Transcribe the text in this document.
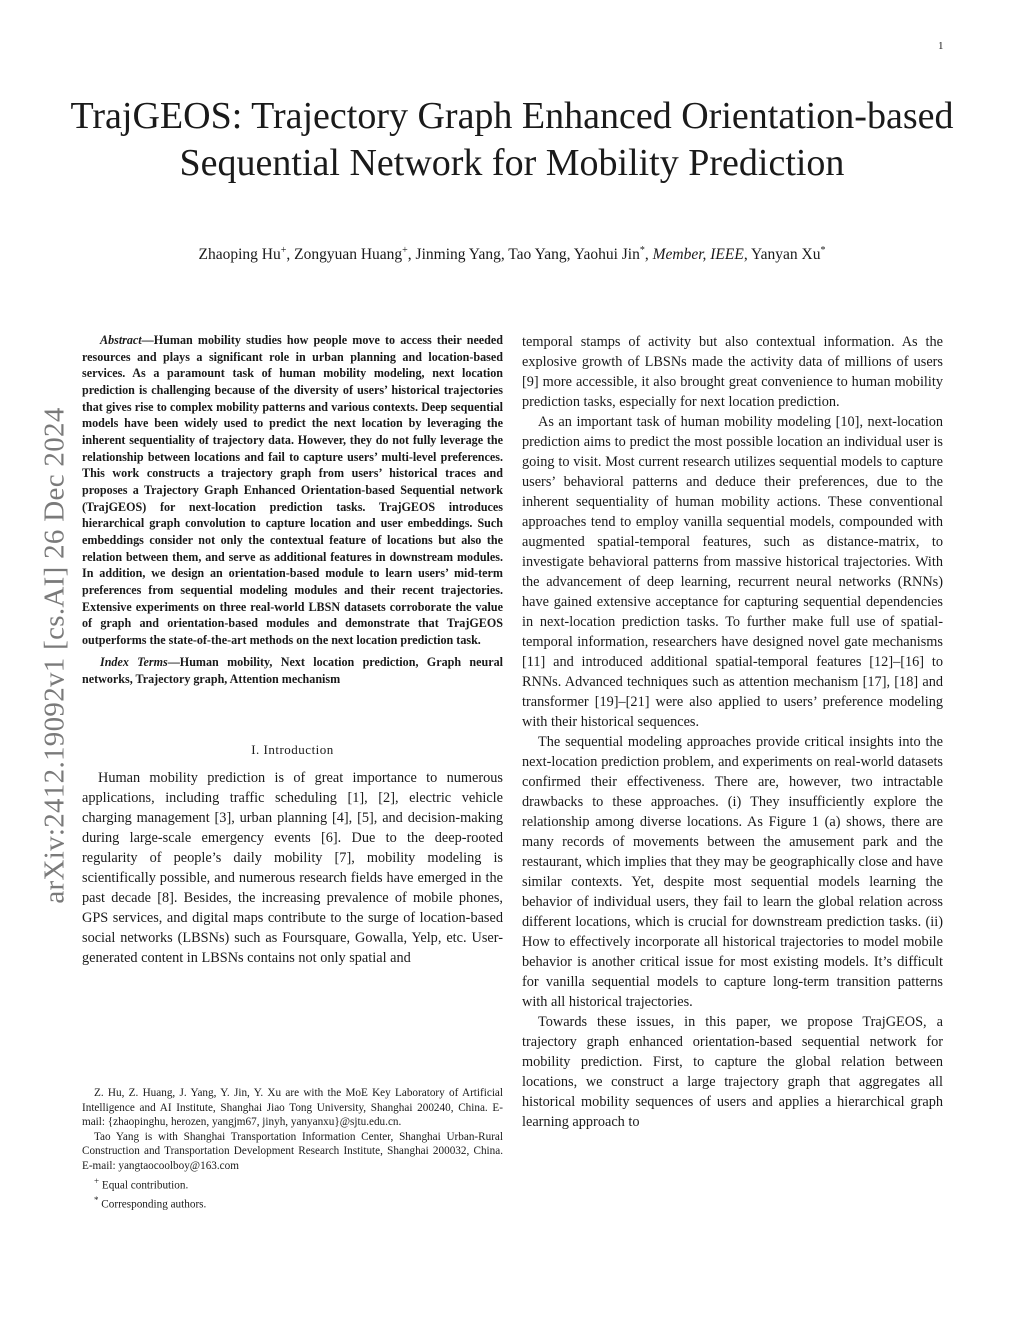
1
arXiv:2412.19092v1 [cs.AI] 26 Dec 2024
TrajGEOS: Trajectory Graph Enhanced Orientation-based Sequential Network for Mobility Prediction
Zhaoping Hu+, Zongyuan Huang+, Jinming Yang, Tao Yang, Yaohui Jin*, Member, IEEE, Yanyan Xu*

Abstract—Human mobility studies how people move to access their needed resources and plays a significant role in urban planning and location-based services. As a paramount task of human mobility modeling, next location prediction is challenging because of the diversity of users’ historical trajectories that gives rise to complex mobility patterns and various contexts. Deep sequential models have been widely used to predict the next location by leveraging the inherent sequentiality of trajectory data. However, they do not fully leverage the relationship between locations and fail to capture users’ multi-level preferences. This work constructs a trajectory graph from users’ historical traces and proposes a Trajectory Graph Enhanced Orientation-based Sequential network (TrajGEOS) for next-location prediction tasks. TrajGEOS introduces hierarchical graph convolution to capture location and user embeddings. Such embeddings consider not only the contextual feature of locations but also the relation between them, and serve as additional features in downstream modules. In addition, we design an orientation-based module to learn users’ mid-term preferences from sequential modeling modules and their recent trajectories. Extensive experiments on three real-world LBSN datasets corroborate the value of graph and orientation-based modules and demonstrate that TrajGEOS outperforms the state-of-the-art methods on the next location prediction task.

Index Terms—Human mobility, Next location prediction, Graph neural networks, Trajectory graph, Attention mechanism

I. Introduction

Human mobility prediction is of great importance to numerous applications, including traffic scheduling [1], [2], electric vehicle charging management [3], urban planning [4], [5], and decision-making during large-scale emergency events [6]. Due to the deep-rooted regularity of people’s daily mobility [7], mobility modeling is scientifically possible, and numerous research fields have emerged in the past decade [8]. Besides, the increasing prevalence of mobile phones, GPS services, and digital maps contribute to the surge of location-based social networks (LBSNs) such as Foursquare, Gowalla, Yelp, etc. User-generated content in LBSNs contains not only spatial and

Z. Hu, Z. Huang, J. Yang, Y. Jin, Y. Xu are with the MoE Key Laboratory of Artificial Intelligence and AI Institute, Shanghai Jiao Tong University, Shanghai 200240, China. E-mail: {zhaopinghu, herozen, yangjm67, jinyh, yanyanxu}@sjtu.edu.cn.

Tao Yang is with Shanghai Transportation Information Center, Shanghai Urban-Rural Construction and Transportation Development Research Institute, Shanghai 200032, China. E-mail: yangtaocoolboy@163.com

+ Equal contribution.

* Corresponding authors.

temporal stamps of activity but also contextual information. As the explosive growth of LBSNs made the activity data of millions of users [9] more accessible, it also brought great convenience to human mobility prediction tasks, especially for next location prediction.

As an important task of human mobility modeling [10], next-location prediction aims to predict the most possible location an individual user is going to visit. Most current research utilizes sequential models to capture users’ behavioral patterns and deduce their preferences, due to the inherent sequentiality of human mobility actions. These conventional approaches tend to employ vanilla sequential models, compounded with augmented spatial-temporal features, such as distance-matrix, to investigate behavioral patterns from massive historical trajectories. With the advancement of deep learning, recurrent neural networks (RNNs) have gained extensive acceptance for capturing sequential dependencies in next-location prediction tasks. To further make full use of spatial-temporal information, researchers have designed novel gate mechanisms [11] and introduced additional spatial-temporal features [12]–[16] to RNNs. Advanced techniques such as attention mechanism [17], [18] and transformer [19]–[21] were also applied to users’ preference modeling with their historical sequences.

The sequential modeling approaches provide critical insights into the next-location prediction problem, and experiments on real-world datasets confirmed their effectiveness. There are, however, two intractable drawbacks to these approaches. (i) They insufficiently explore the relationship among diverse locations. As Figure 1 (a) shows, there are many records of movements between the amusement park and the restaurant, which implies that they may be geographically close and have similar contexts. Yet, despite most sequential models learning the behavior of individual users, they fail to learn the global relation across different locations, which is crucial for downstream prediction tasks. (ii) How to effectively incorporate all historical trajectories to model mobile behavior is another critical issue for most existing models. It’s difficult for vanilla sequential models to capture long-term transition patterns with all historical trajectories.

Towards these issues, in this paper, we propose TrajGEOS, a trajectory graph enhanced orientation-based sequential network for mobility prediction. First, to capture the global relation between locations, we construct a large trajectory graph that aggregates all historical mobility sequences of users and applies a hierarchical graph learning approach to
